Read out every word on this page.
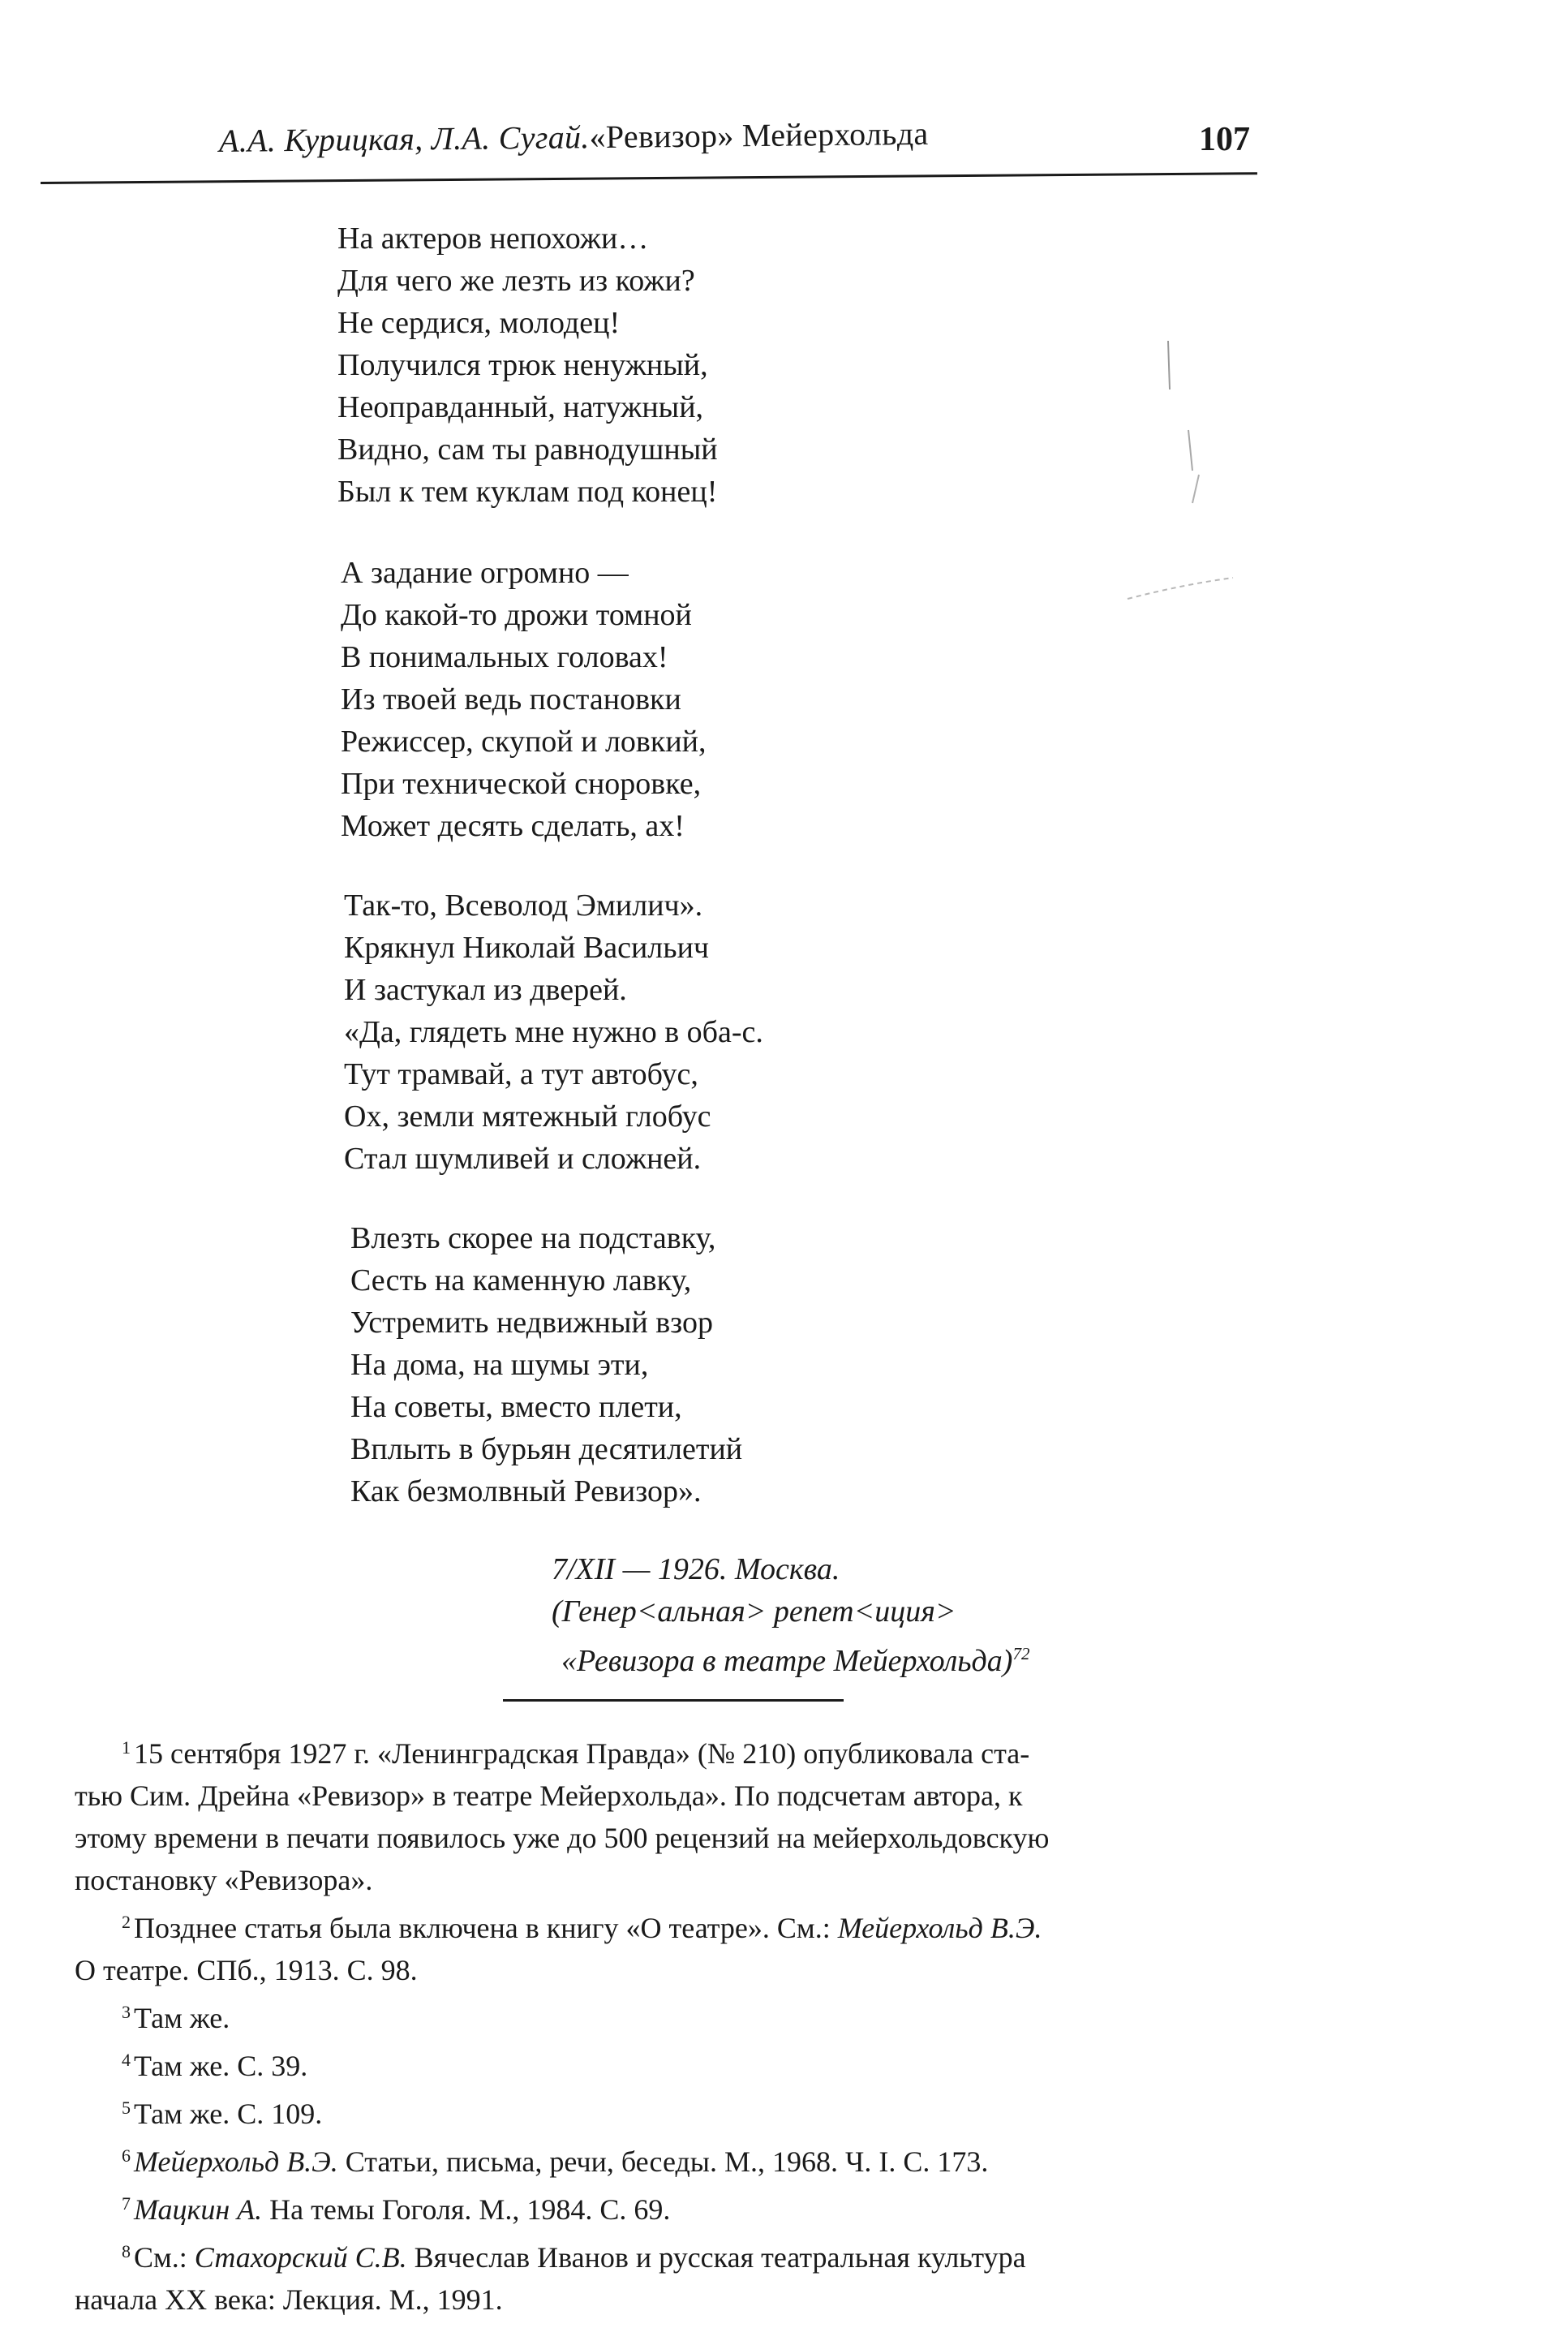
А.А. Курицкая, Л.А. Сугай.«Ревизор» Мейерхольда	107
На актеров непохожи…
Для чего же лезть из кожи?
Не сердися, молодец!
Получился трюк ненужный,
Неоправданный, натужный,
Видно, сам ты равнодушный
Был к тем куклам под конец!
А задание огромно —
До какой-то дрожи томной
В понимальных головах!
Из твоей ведь постановки
Режиссер, скупой и ловкий,
При технической сноровке,
Может десять сделать, ах!
Так-то, Всеволод Эмилич».
Крякнул Николай Васильич
И застукал из дверей.
«Да, глядеть мне нужно в оба-с.
Тут трамвай, а тут автобус,
Ох, земли мятежный глобус
Стал шумливей и сложней.
Влезть скорее на подставку,
Сесть на каменную лавку,
Устремить недвижный взор
На дома, на шумы эти,
На советы, вместо плети,
Вплыть в бурьян десятилетий
Как безмолвный Ревизор».
7/XII — 1926. Москва.
(Генер<альная> репет<иция>
«Ревизора в театре Мейерхольда)$^{72}$
$^1$ 15 сентября 1927 г. «Ленинградская Правда» (№ 210) опубликовала ста-
тью Сим. Дрейна «Ревизор» в театре Мейерхольда». По подсчетам автора, к
этому времени в печати появилось уже до 500 рецензий на мейерхольдовскую
постановку «Ревизора».
$^2$ Позднее статья была включена в книгу «О театре». См.: Мейерхольд В.Э.
О театре. СПб., 1913. С. 98.
$^3$ Там же.
$^4$ Там же. С. 39.
$^5$ Там же. С. 109.
$^6$ Мейерхольд В.Э. Статьи, письма, речи, беседы. М., 1968. Ч. I. С. 173.
$^7$ Мацкин А. На темы Гоголя. М., 1984. С. 69.
$^8$ См.: Стахорский С.В. Вячеслав Иванов и русская театральная культура
начала XX века: Лекция. М., 1991.
